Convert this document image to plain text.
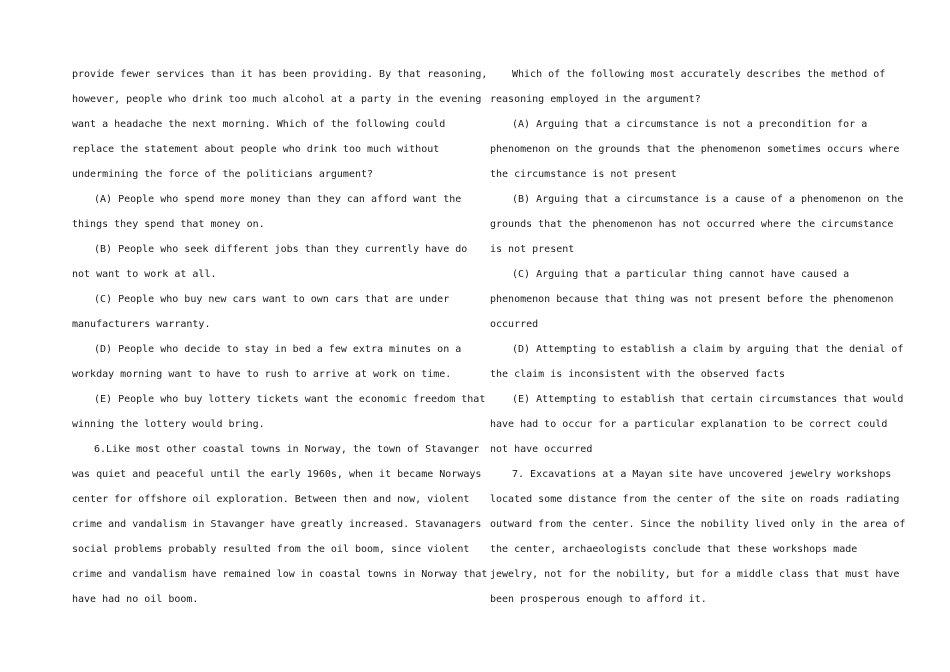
provide fewer services than it has been providing. By that reasoning,
however, people who drink too much alcohol at a party in the evening
want a headache the next morning. Which of the following could
replace the statement about people who drink too much without
undermining the force of the politicians argument?
(A) People who spend more money than they can afford want the
things they spend that money on.
(B) People who seek different jobs than they currently have do
not want to work at all.
(C) People who buy new cars want to own cars that are under
manufacturers warranty.
(D) People who decide to stay in bed a few extra minutes on a
workday morning want to have to rush to arrive at work on time.
(E) People who buy lottery tickets want the economic freedom that
winning the lottery would bring.
6.Like most other coastal towns in Norway, the town of Stavanger
was quiet and peaceful until the early 1960s, when it became Norways
center for offshore oil exploration. Between then and now, violent
crime and vandalism in Stavanger have greatly increased. Stavanagers
social problems probably resulted from the oil boom, since violent
crime and vandalism have remained low in coastal towns in Norway that
have had no oil boom.
Which of the following most accurately describes the method of
reasoning employed in the argument?
(A) Arguing that a circumstance is not a precondition for a
phenomenon on the grounds that the phenomenon sometimes occurs where
the circumstance is not present
(B) Arguing that a circumstance is a cause of a phenomenon on the
grounds that the phenomenon has not occurred where the circumstance
is not present
(C) Arguing that a particular thing cannot have caused a
phenomenon because that thing was not present before the phenomenon
occurred
(D) Attempting to establish a claim by arguing that the denial of
the claim is inconsistent with the observed facts
(E) Attempting to establish that certain circumstances that would
have had to occur for a particular explanation to be correct could
not have occurred
7. Excavations at a Mayan site have uncovered jewelry workshops
located some distance from the center of the site on roads radiating
outward from the center. Since the nobility lived only in the area of
the center, archaeologists conclude that these workshops made
jewelry, not for the nobility, but for a middle class that must have
been prosperous enough to afford it.
